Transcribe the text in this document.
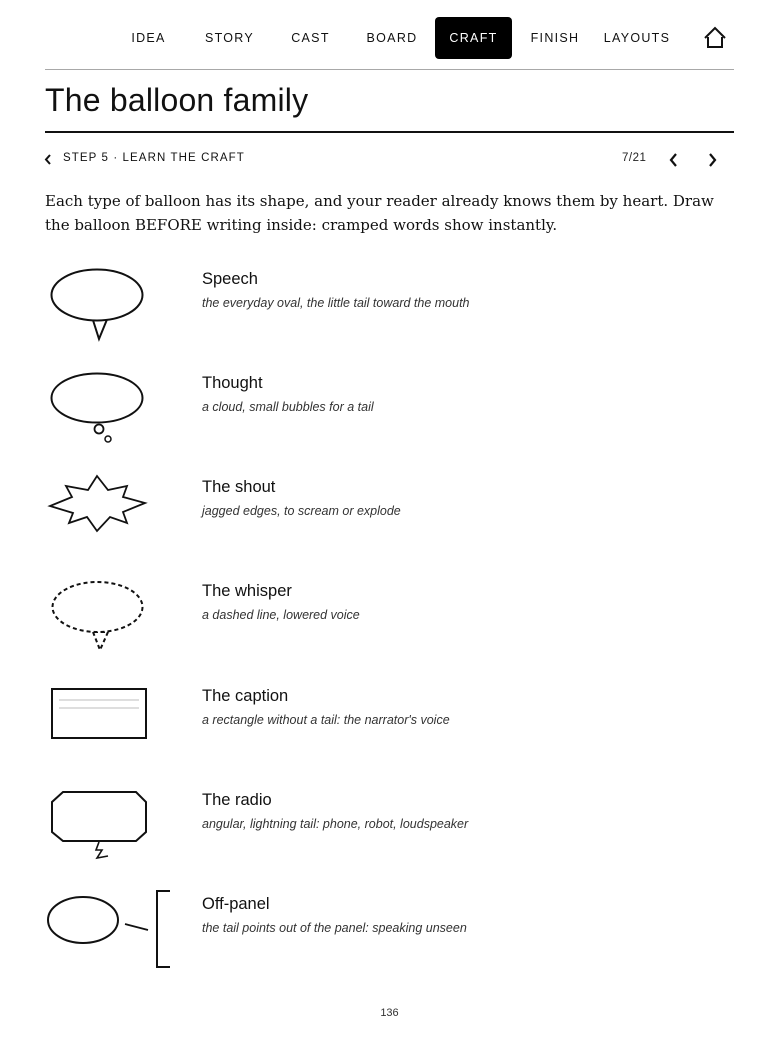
IDEA	STORY	CAST	BOARD	CRAFT	FINISH	LAYOUTS
The balloon family
STEP 5 · LEARN THE CRAFT	7/21

Each type of balloon has its shape, and your reader already knows them by heart. Draw the balloon BEFORE writing inside: cramped words show instantly.

Speech
the everyday oval, the little tail toward the mouth
Thought
a cloud, small bubbles for a tail
The shout
jagged edges, to scream or explode
The whisper
a dashed line, lowered voice
The caption
a rectangle without a tail: the narrator's voice
The radio
angular, lightning tail: phone, robot, loudspeaker
Off-panel
the tail points out of the panel: speaking unseen
136
